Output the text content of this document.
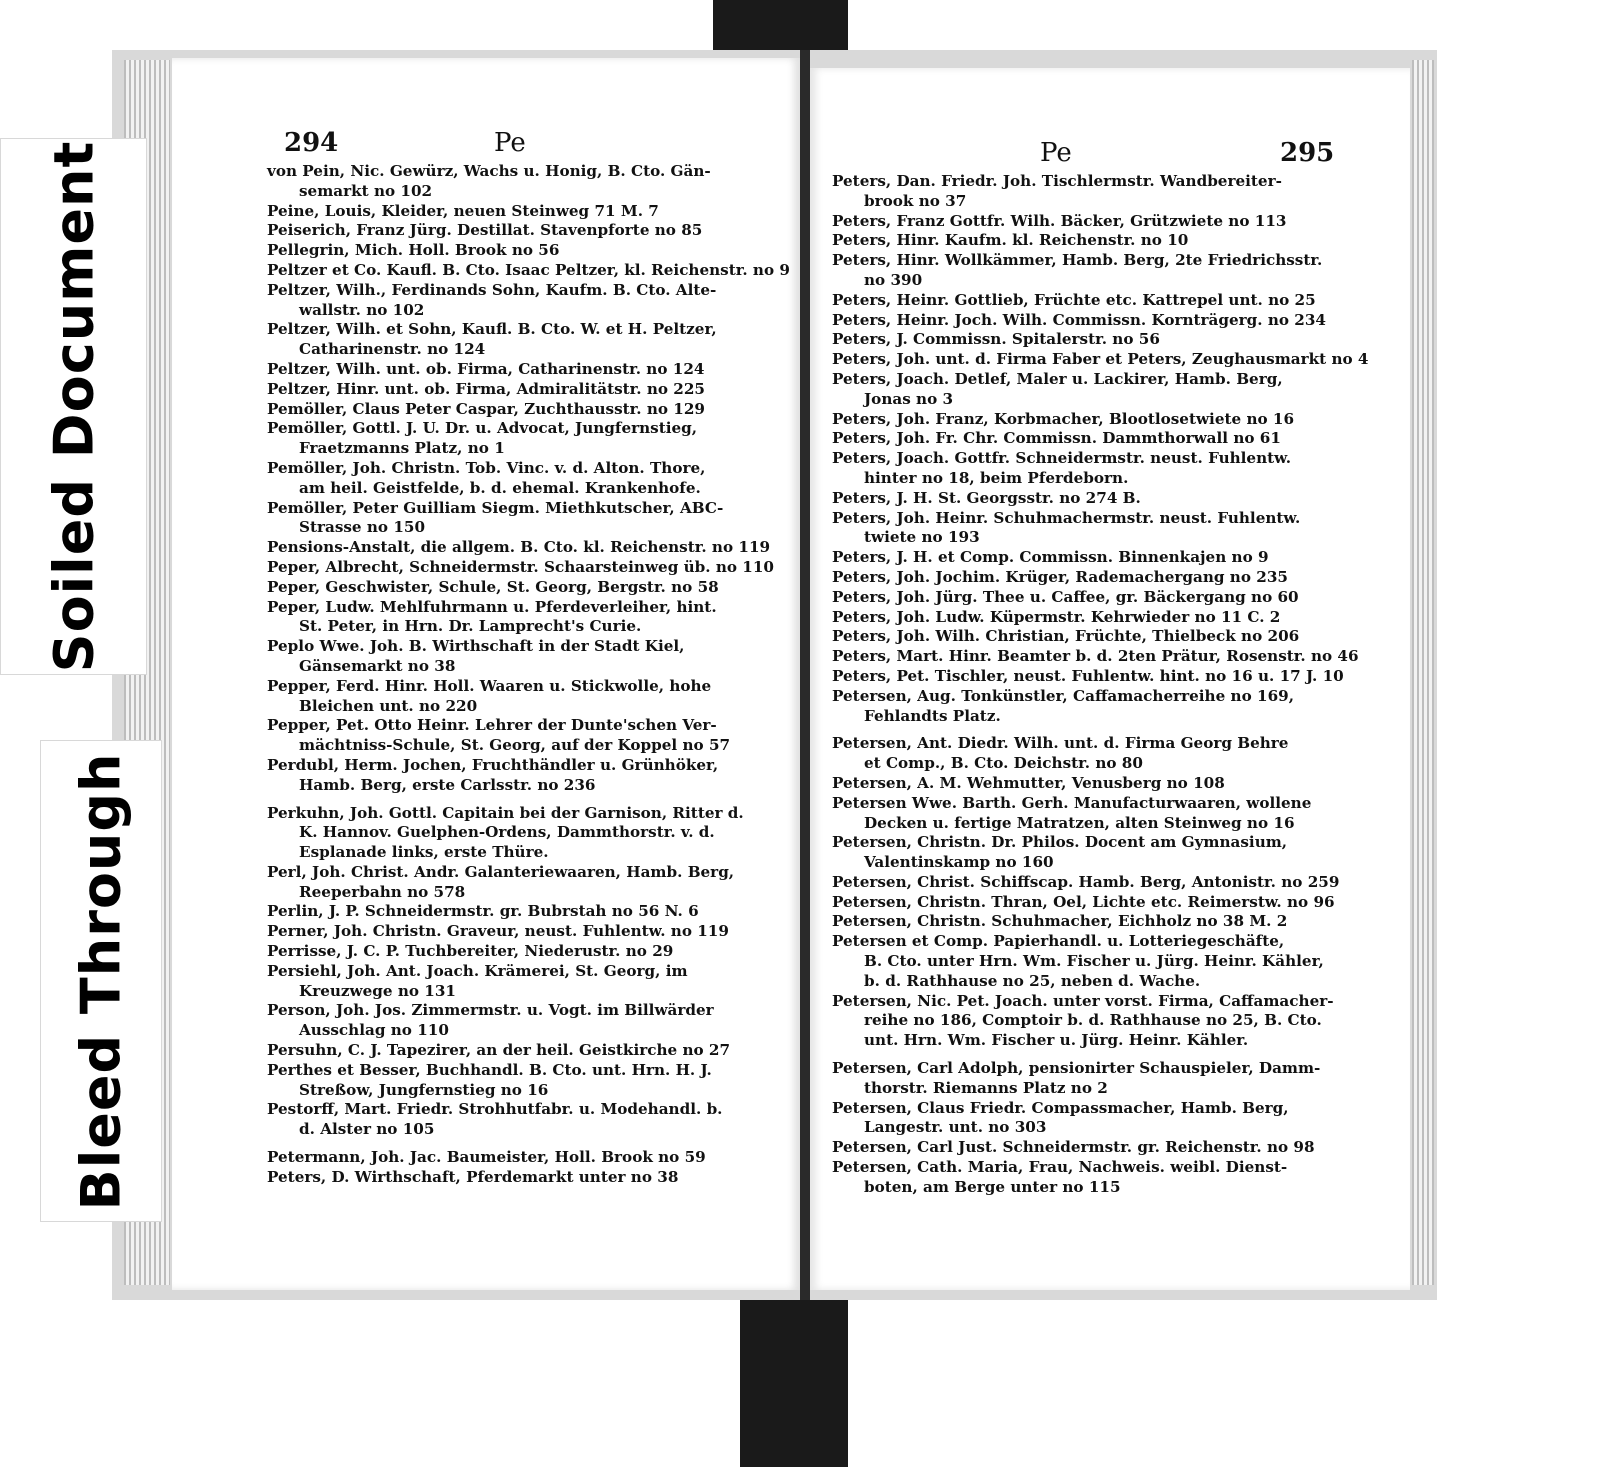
294	Pe
von Pein, Nic. Gewürz, Wachs u. Honig, B. Cto. Gän-
semarkt no 102
Peine, Louis, Kleider, neuen Steinweg 71 M. 7
Peiserich, Franz Jürg. Destillat. Stavenpforte no 85
Pellegrin, Mich. Holl. Brook no 56
Peltzer et Co. Kaufl. B. Cto. Isaac Peltzer, kl. Reichenstr. no 9
Peltzer, Wilh., Ferdinands Sohn, Kaufm. B. Cto. Alte-
wallstr. no 102
Peltzer, Wilh. et Sohn, Kaufl. B. Cto. W. et H. Peltzer,
Catharinenstr. no 124
Peltzer, Wilh. unt. ob. Firma, Catharinenstr. no 124
Peltzer, Hinr. unt. ob. Firma, Admiralitätstr. no 225
Pemöller, Claus Peter Caspar, Zuchthausstr. no 129
Pemöller, Gottl. J. U. Dr. u. Advocat, Jungfernstieg,
Fraetzmanns Platz, no 1
Pemöller, Joh. Christn. Tob. Vinc. v. d. Alton. Thore,
am heil. Geistfelde, b. d. ehemal. Krankenhofe.
Pemöller, Peter Guilliam Siegm. Miethkutscher, ABC-
Strasse no 150
Pensions-Anstalt, die allgem. B. Cto. kl. Reichenstr. no 119
Peper, Albrecht, Schneidermstr. Schaarsteinweg üb. no 110
Peper, Geschwister, Schule, St. Georg, Bergstr. no 58
Peper, Ludw. Mehlfuhrmann u. Pferdeverleiher, hint.
St. Peter, in Hrn. Dr. Lamprecht's Curie.
Peplo Wwe. Joh. B. Wirthschaft in der Stadt Kiel,
Gänsemarkt no 38
Pepper, Ferd. Hinr. Holl. Waaren u. Stickwolle, hohe
Bleichen unt. no 220
Pepper, Pet. Otto Heinr. Lehrer der Dunte'schen Ver-
mächtniss-Schule, St. Georg, auf der Koppel no 57
Perdubl, Herm. Jochen, Fruchthändler u. Grünhöker,
Hamb. Berg, erste Carlsstr. no 236
Perkuhn, Joh. Gottl. Capitain bei der Garnison, Ritter d.
K. Hannov. Guelphen-Ordens, Dammthorstr. v. d.
Esplanade links, erste Thüre.
Perl, Joh. Christ. Andr. Galanteriewaaren, Hamb. Berg,
Reeperbahn no 578
Perlin, J. P. Schneidermstr. gr. Bubrstah no 56 N. 6
Perner, Joh. Christn. Graveur, neust. Fuhlentw. no 119
Perrisse, J. C. P. Tuchbereiter, Niederustr. no 29
Persiehl, Joh. Ant. Joach. Krämerei, St. Georg, im
Kreuzwege no 131
Person, Joh. Jos. Zimmermstr. u. Vogt. im Billwärder
Ausschlag no 110
Persuhn, C. J. Tapezirer, an der heil. Geistkirche no 27
Perthes et Besser, Buchhandl. B. Cto. unt. Hrn. H. J.
Streßow, Jungfernstieg no 16
Pestorff, Mart. Friedr. Strohhutfabr. u. Modehandl. b.
d. Alster no 105
Petermann, Joh. Jac. Baumeister, Holl. Brook no 59
Peters, D. Wirthschaft, Pferdemarkt unter no 38
Pe	295
Peters, Dan. Friedr. Joh. Tischlermstr. Wandbereiter-
brook no 37
Peters, Franz Gottfr. Wilh. Bäcker, Grützwiete no 113
Peters, Hinr. Kaufm. kl. Reichenstr. no 10
Peters, Hinr. Wollkämmer, Hamb. Berg, 2te Friedrichsstr.
no 390
Peters, Heinr. Gottlieb, Früchte etc. Kattrepel unt. no 25
Peters, Heinr. Joch. Wilh. Commissn. Kornträgerg. no 234
Peters, J. Commissn. Spitalerstr. no 56
Peters, Joh. unt. d. Firma Faber et Peters, Zeughausmarkt no 4
Peters, Joach. Detlef, Maler u. Lackirer, Hamb. Berg,
Jonas no 3
Peters, Joh. Franz, Korbmacher, Blootlosetwiete no 16
Peters, Joh. Fr. Chr. Commissn. Dammthorwall no 61
Peters, Joach. Gottfr. Schneidermstr. neust. Fuhlentw.
hinter no 18, beim Pferdeborn.
Peters, J. H. St. Georgsstr. no 274 B.
Peters, Joh. Heinr. Schuhmachermstr. neust. Fuhlentw.
twiete no 193
Peters, J. H. et Comp. Commissn. Binnenkajen no 9
Peters, Joh. Jochim. Krüger, Rademachergang no 235
Peters, Joh. Jürg. Thee u. Caffee, gr. Bäckergang no 60
Peters, Joh. Ludw. Küpermstr. Kehrwieder no 11 C. 2
Peters, Joh. Wilh. Christian, Früchte, Thielbeck no 206
Peters, Mart. Hinr. Beamter b. d. 2ten Prätur, Rosenstr. no 46
Peters, Pet. Tischler, neust. Fuhlentw. hint. no 16 u. 17 J. 10
Petersen, Aug. Tonkünstler, Caffamacherreihe no 169,
Fehlandts Platz.
Petersen, Ant. Diedr. Wilh. unt. d. Firma Georg Behre
et Comp., B. Cto. Deichstr. no 80
Petersen, A. M. Wehmutter, Venusberg no 108
Petersen Wwe. Barth. Gerh. Manufacturwaaren, wollene
Decken u. fertige Matratzen, alten Steinweg no 16
Petersen, Christn. Dr. Philos. Docent am Gymnasium,
Valentinskamp no 160
Petersen, Christ. Schiffscap. Hamb. Berg, Antonistr. no 259
Petersen, Christn. Thran, Oel, Lichte etc. Reimerstw. no 96
Petersen, Christn. Schuhmacher, Eichholz no 38 M. 2
Petersen et Comp. Papierhandl. u. Lotteriegeschäfte,
B. Cto. unter Hrn. Wm. Fischer u. Jürg. Heinr. Kähler,
b. d. Rathhause no 25, neben d. Wache.
Petersen, Nic. Pet. Joach. unter vorst. Firma, Caffamacher-
reihe no 186, Comptoir b. d. Rathhause no 25, B. Cto.
unt. Hrn. Wm. Fischer u. Jürg. Heinr. Kähler.
Petersen, Carl Adolph, pensionirter Schauspieler, Damm-
thorstr. Riemanns Platz no 2
Petersen, Claus Friedr. Compassmacher, Hamb. Berg,
Langestr. unt. no 303
Petersen, Carl Just. Schneidermstr. gr. Reichenstr. no 98
Petersen, Cath. Maria, Frau, Nachweis. weibl. Dienst-
boten, am Berge unter no 115
Soiled Document
Bleed Through
